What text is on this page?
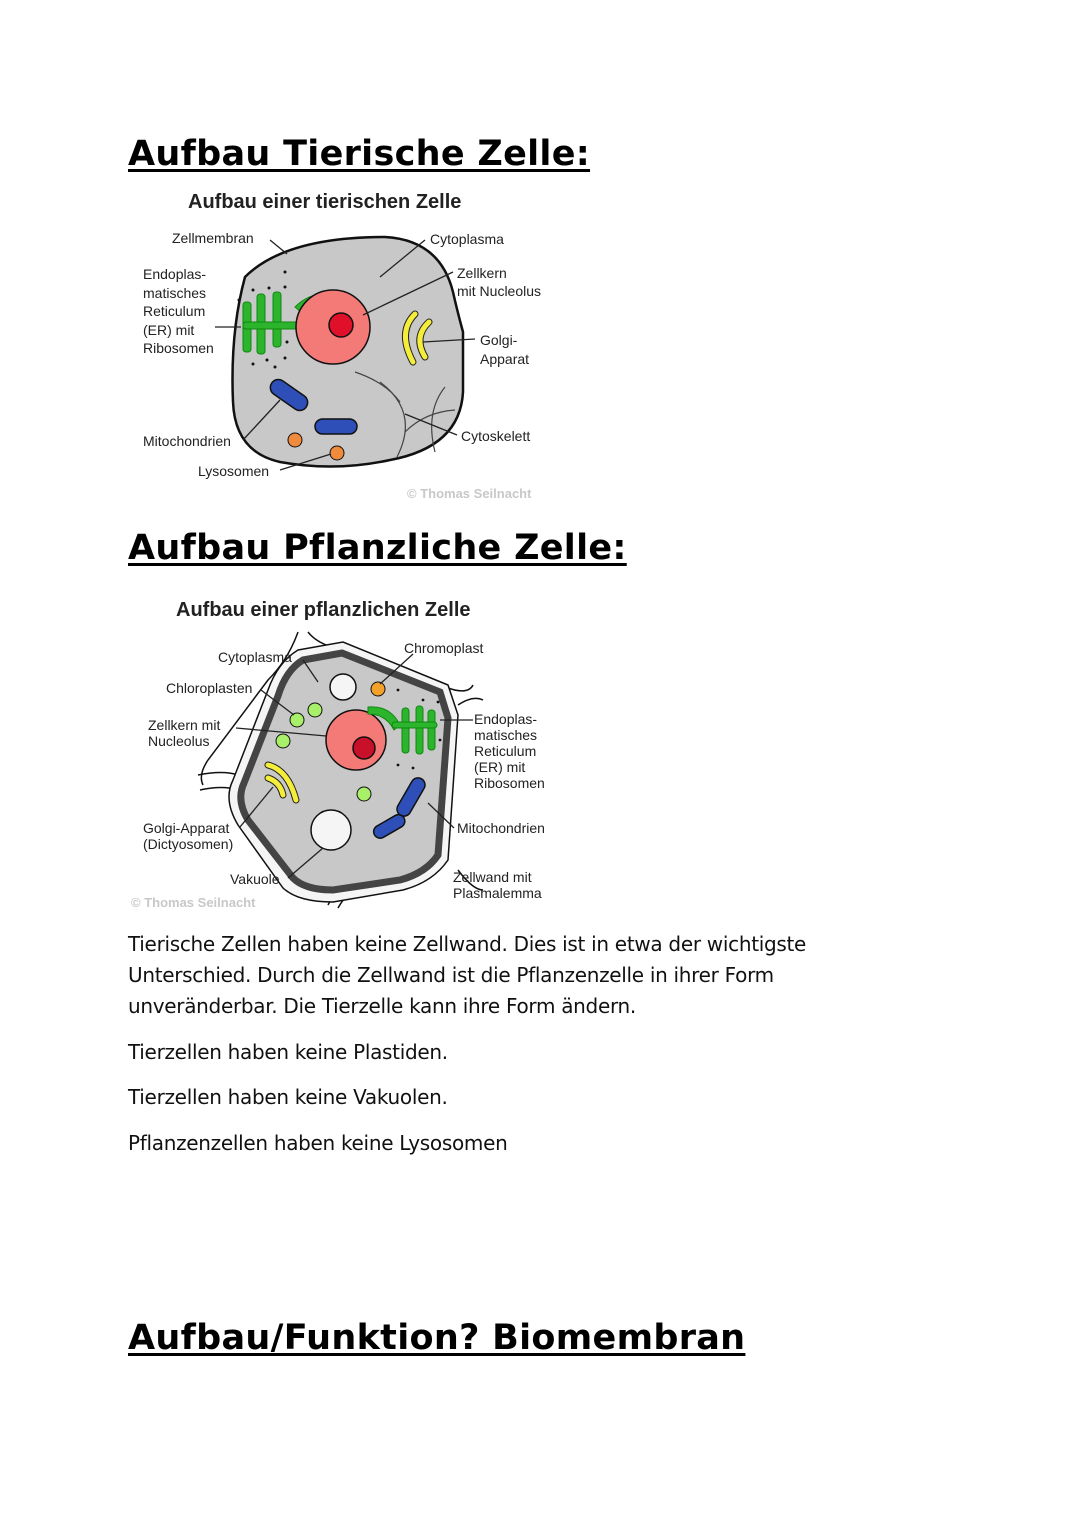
Aufbau Tierische Zelle:
Aufbau einer tierischen Zelle
Zellmembran	Cytoplasma
Endoplas-
matisches
Reticulum
(ER) mit
Ribosomen
Zellkern
mit Nucleolus
Golgi-
Apparat
Mitochondrien	Cytoskelett
Lysosomen
© Thomas Seilnacht
Aufbau Pflanzliche Zelle:
Aufbau einer pflanzlichen Zelle
Cytoplasma
Chromoplast
Chloroplasten
Zellkern mit
Nucleolus
Endoplas-
matisches
Reticulum
(ER) mit
Ribosomen
Golgi-Apparat
(Dictyosomen)
Mitochondrien
Vakuole	Zellwand mit
Plasmalemma
© Thomas Seilnacht

Tierische Zellen haben keine Zellwand. Dies ist in etwa der wichtigste Unterschied. Durch die Zellwand ist die Pflanzenzelle in ihrer Form unveränderbar. Die Tierzelle kann ihre Form ändern.

Tierzellen haben keine Plastiden.

Tierzellen haben keine Vakuolen.

Pflanzenzellen haben keine Lysosomen

Aufbau/Funktion? Biomembran
